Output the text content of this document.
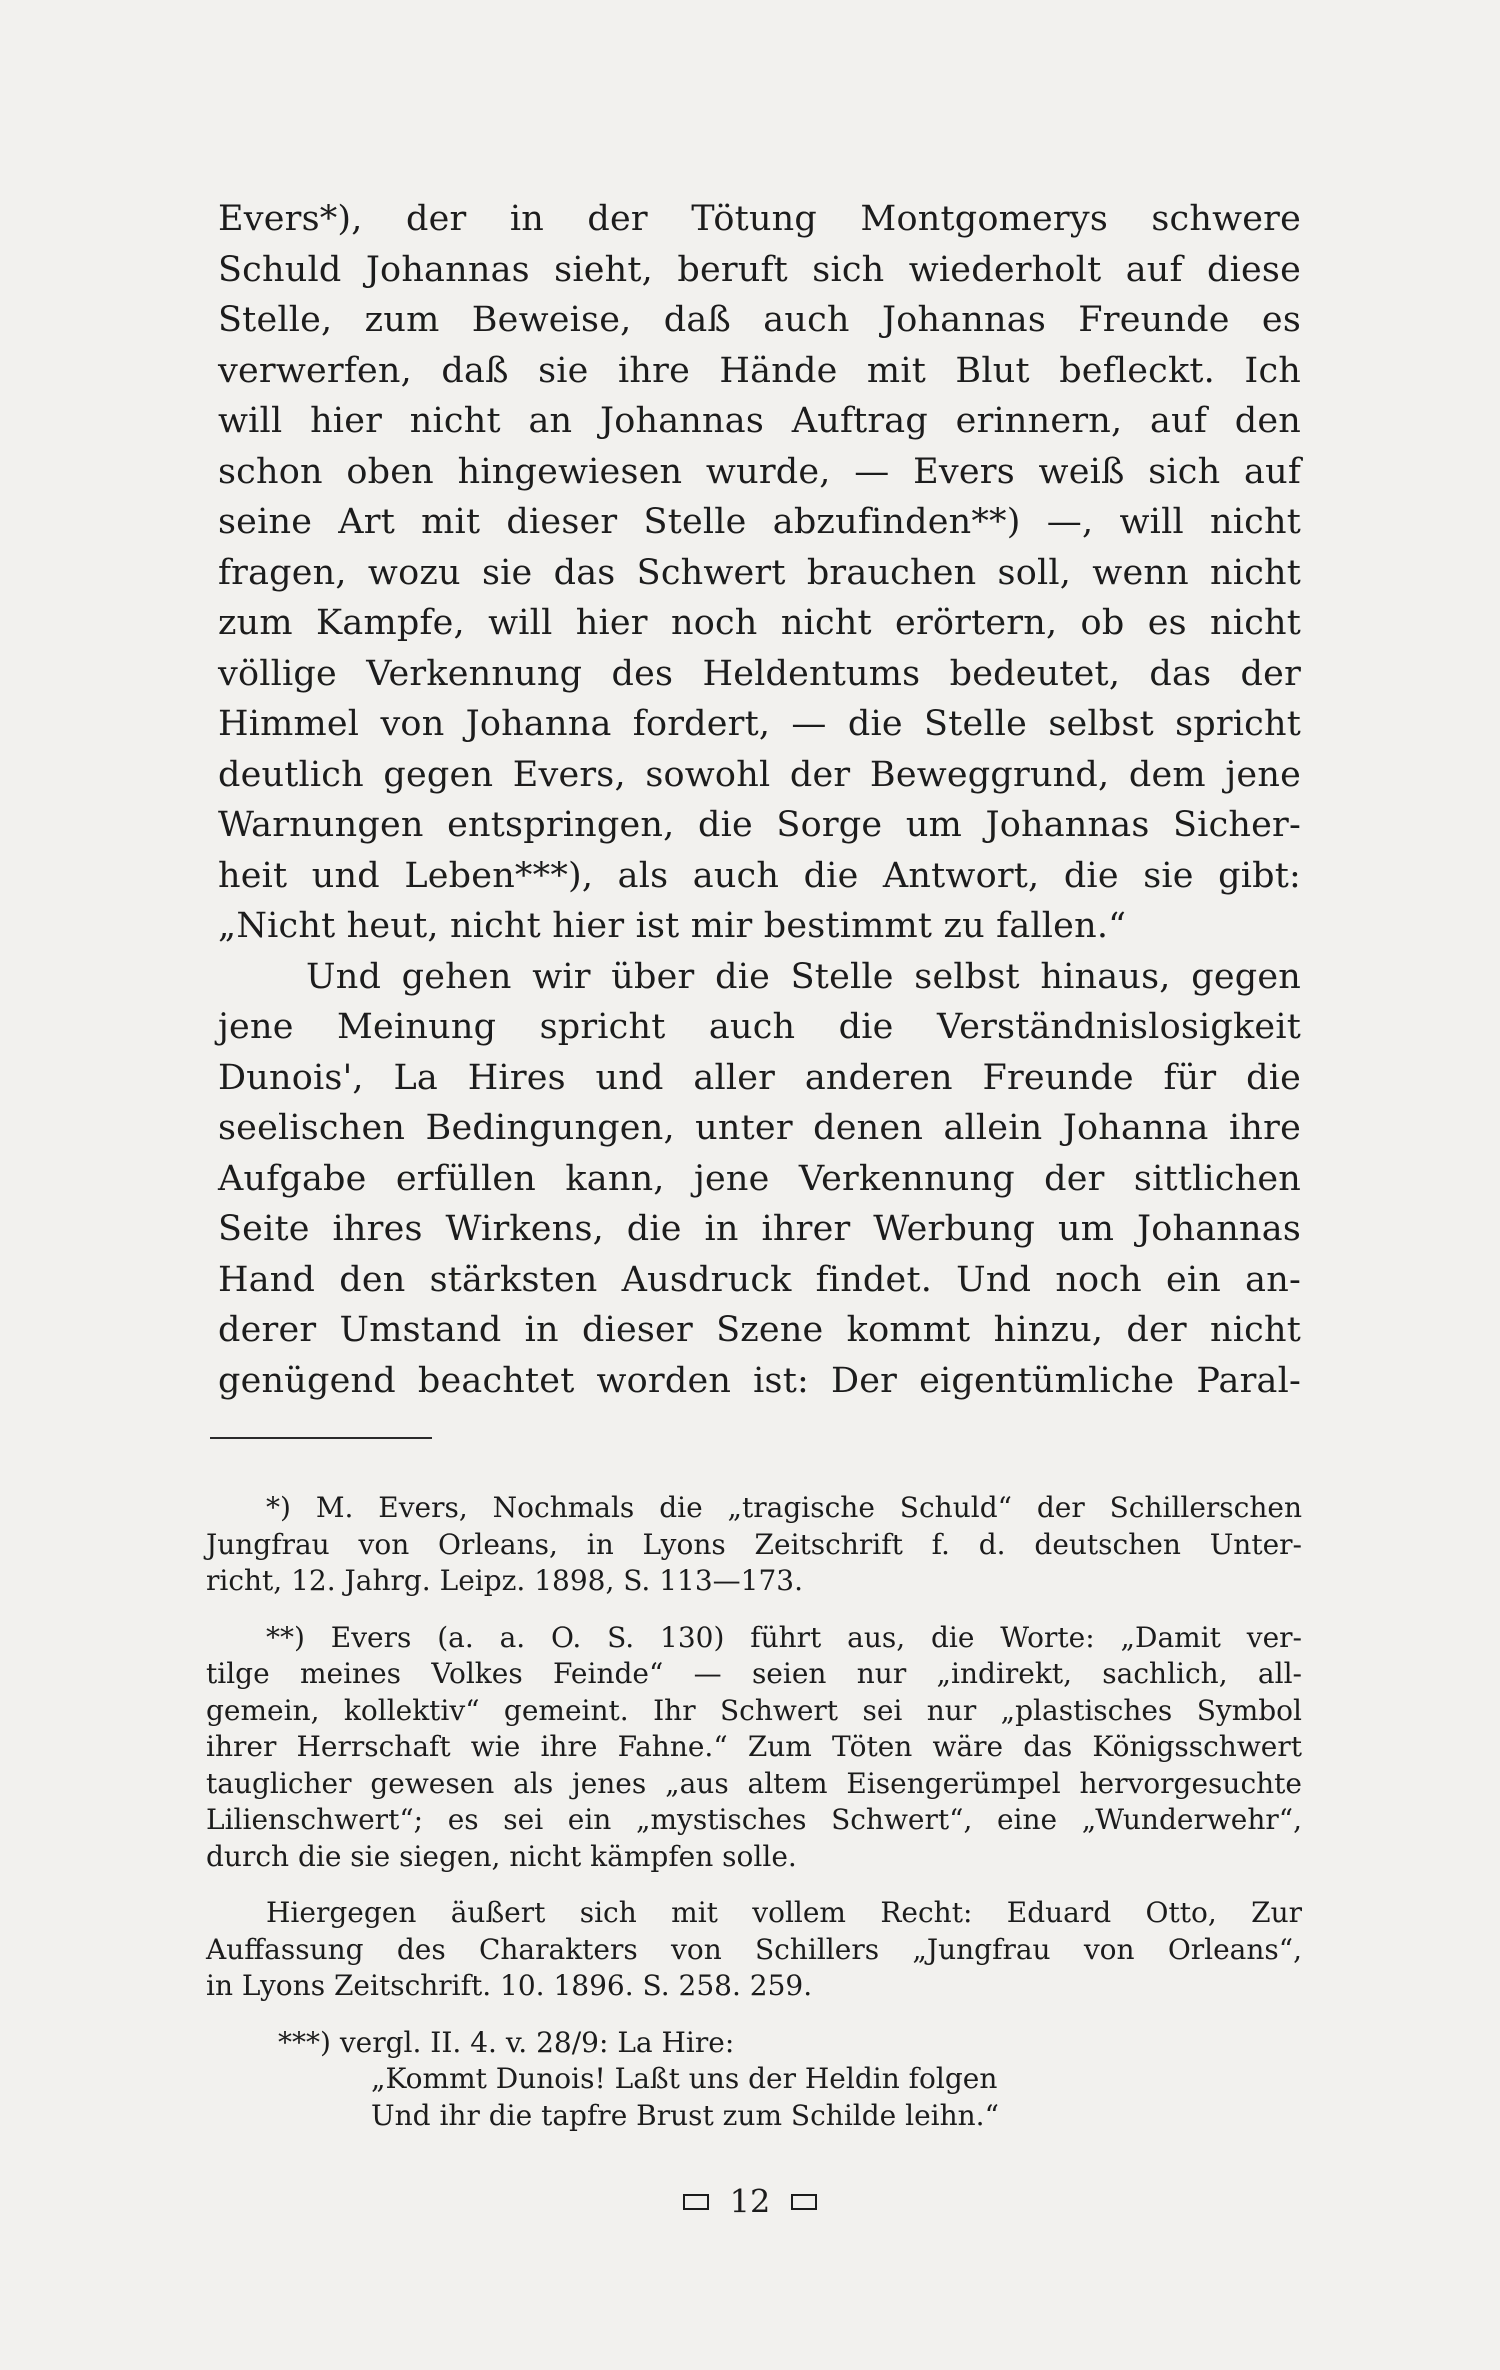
Evers*), der in der Tötung Montgomerys schwere
Schuld Johannas sieht, beruft sich wiederholt auf diese
Stelle, zum Beweise, daß auch Johannas Freunde es
verwerfen, daß sie ihre Hände mit Blut befleckt. Ich
will hier nicht an Johannas Auftrag erinnern, auf den
schon oben hingewiesen wurde, — Evers weiß sich auf
seine Art mit dieser Stelle abzufinden**) —, will nicht
fragen, wozu sie das Schwert brauchen soll, wenn nicht
zum Kampfe, will hier noch nicht erörtern, ob es nicht
völlige Verkennung des Heldentums bedeutet, das der
Himmel von Johanna fordert, — die Stelle selbst spricht
deutlich gegen Evers, sowohl der Beweggrund, dem jene
Warnungen entspringen, die Sorge um Johannas Sicher-
heit und Leben***), als auch die Antwort, die sie gibt:
„Nicht heut, nicht hier ist mir bestimmt zu fallen.“
Und gehen wir über die Stelle selbst hinaus, gegen
jene Meinung spricht auch die Verständnislosigkeit
Dunois', La Hires und aller anderen Freunde für die
seelischen Bedingungen, unter denen allein Johanna ihre
Aufgabe erfüllen kann, jene Verkennung der sittlichen
Seite ihres Wirkens, die in ihrer Werbung um Johannas
Hand den stärksten Ausdruck findet. Und noch ein an-
derer Umstand in dieser Szene kommt hinzu, der nicht
genügend beachtet worden ist: Der eigentümliche Paral-
*) M. Evers, Nochmals die „tragische Schuld“ der Schillerschen
Jungfrau von Orleans, in Lyons Zeitschrift f. d. deutschen Unter-
richt, 12. Jahrg. Leipz. 1898, S. 113—173.
**) Evers (a. a. O. S. 130) führt aus, die Worte: „Damit ver-
tilge meines Volkes Feinde“ — seien nur „indirekt, sachlich, all-
gemein, kollektiv“ gemeint. Ihr Schwert sei nur „plastisches Symbol
ihrer Herrschaft wie ihre Fahne.“ Zum Töten wäre das Königsschwert
tauglicher gewesen als jenes „aus altem Eisengerümpel hervorgesuchte
Lilienschwert“; es sei ein „mystisches Schwert“, eine „Wunderwehr“,
durch die sie siegen, nicht kämpfen solle.
Hiergegen äußert sich mit vollem Recht: Eduard Otto, Zur
Auffassung des Charakters von Schillers „Jungfrau von Orleans“,
in Lyons Zeitschrift. 10. 1896. S. 258. 259.
***) vergl. II. 4. v. 28/9: La Hire:
„Kommt Dunois! Laßt uns der Heldin folgen
Und ihr die tapfre Brust zum Schilde leihn.“
12
